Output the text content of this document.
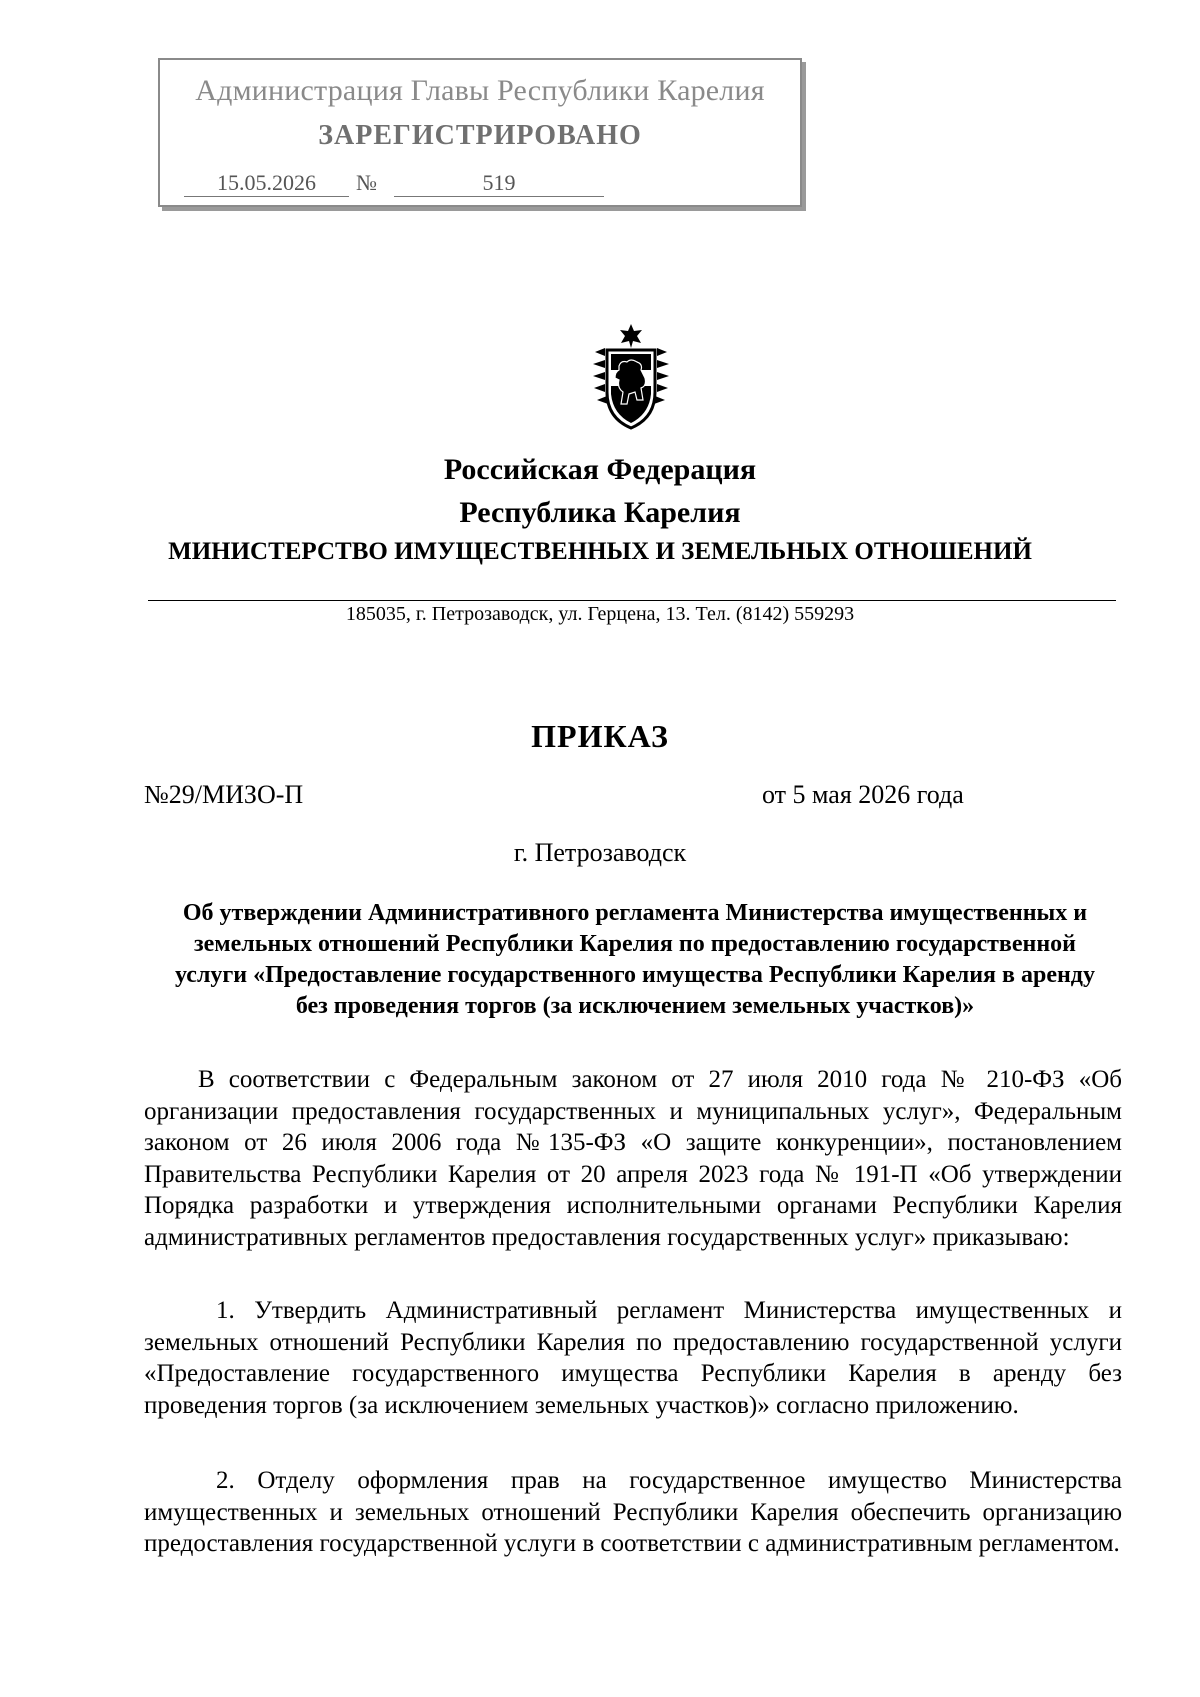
Администрация Главы Республики Карелия
ЗАРЕГИСТРИРОВАНО
15.05.2026	№	519
Российская Федерация
Республика Карелия
МИНИСТЕРСТВО ИМУЩЕСТВЕННЫХ И ЗЕМЕЛЬНЫХ ОТНОШЕНИЙ
185035, г. Петрозаводск, ул. Герцена, 13. Тел. (8142) 559293
ПРИКАЗ
№29/МИЗО-П	от 5 мая 2026 года
г. Петрозаводск
Об утверждении Административного регламента Министерства имущественных и земельных отношений Республики Карелия по предоставлению государственной услуги «Предоставление государственного имущества Республики Карелия в аренду без проведения торгов (за исключением земельных участков)»
В соответствии с Федеральным законом от 27 июля 2010 года № 210-ФЗ «Об организации предоставления государственных и муниципальных услуг», Федеральным законом от 26 июля 2006 года №135-ФЗ «О защите конкуренции», постановлением Правительства Республики Карелия от 20 апреля 2023 года № 191-П «Об утверждении Порядка разработки и утверждения исполнительными органами Республики Карелия административных регламентов предоставления государственных услуг» приказываю:
1. Утвердить Административный регламент Министерства имущественных и земельных отношений Республики Карелия по предоставлению государственной услуги «Предоставление государственного имущества Республики Карелия в аренду без проведения торгов (за исключением земельных участков)» согласно приложению.
2. Отделу оформления прав на государственное имущество Министерства имущественных и земельных отношений Республики Карелия обеспечить организацию предоставления государственной услуги в соответствии с административным регламентом.
